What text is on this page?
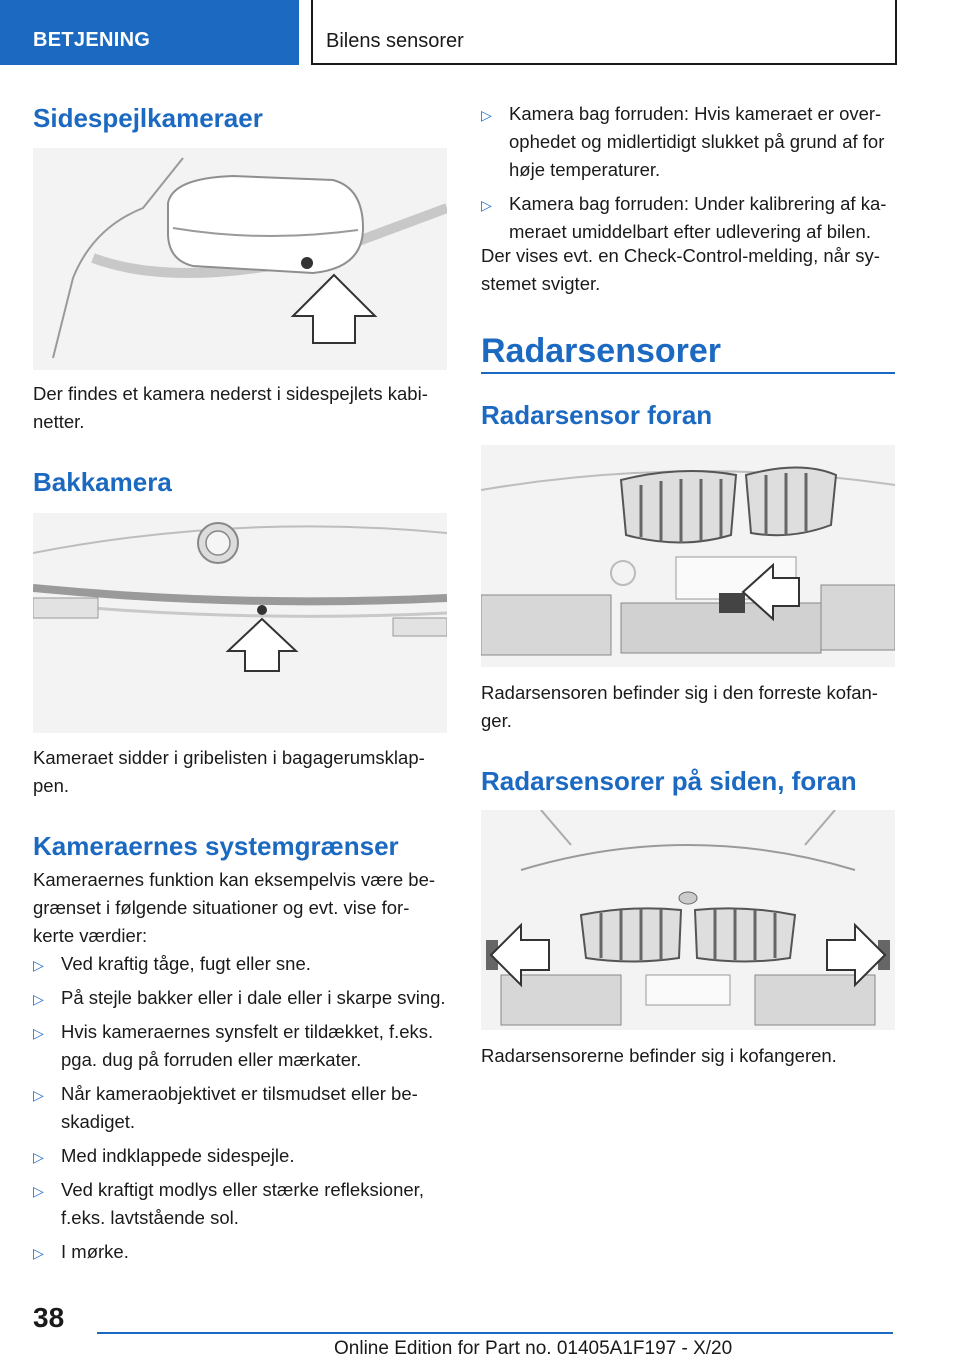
BETJENING	Bilens sensorer
Sidespejlkameraer

Der findes et kamera nederst i sidespejlets kabi-netter.

Bakkamera

Kameraet sidder i gribelisten i bagagerumsklap-pen.

Kameraernes systemgrænser

Kameraernes funktion kan eksempelvis være be-grænset i følgende situationer og evt. vise for-kerte værdier:

▷ Ved kraftig tåge, fugt eller sne.
▷ På stejle bakker eller i dale eller i skarpe sving.
▷ Hvis kameraernes synsfelt er tildækket, f.eks. pga. dug på forruden eller mærkater.
▷ Når kameraobjektivet er tilsmudset eller be-skadiget.
▷ Med indklappede sidespejle.
▷ Ved kraftigt modlys eller stærke refleksioner, f.eks. lavtstående sol.
▷ I mørke.
▷ Kamera bag forruden: Hvis kameraet er over-ophedet og midlertidigt slukket på grund af for høje temperaturer.
▷ Kamera bag forruden: Under kalibrering af ka-meraet umiddelbart efter udlevering af bilen.

Der vises evt. en Check-Control-melding, når sy-stemet svigter.

Radarsensorer
Radarsensor foran

Radarsensoren befinder sig i den forreste kofan-ger.

Radarsensorer på siden, foran

Radarsensorerne befinder sig i kofangeren.

38
Online Edition for Part no. 01405A1F197 - X/20
